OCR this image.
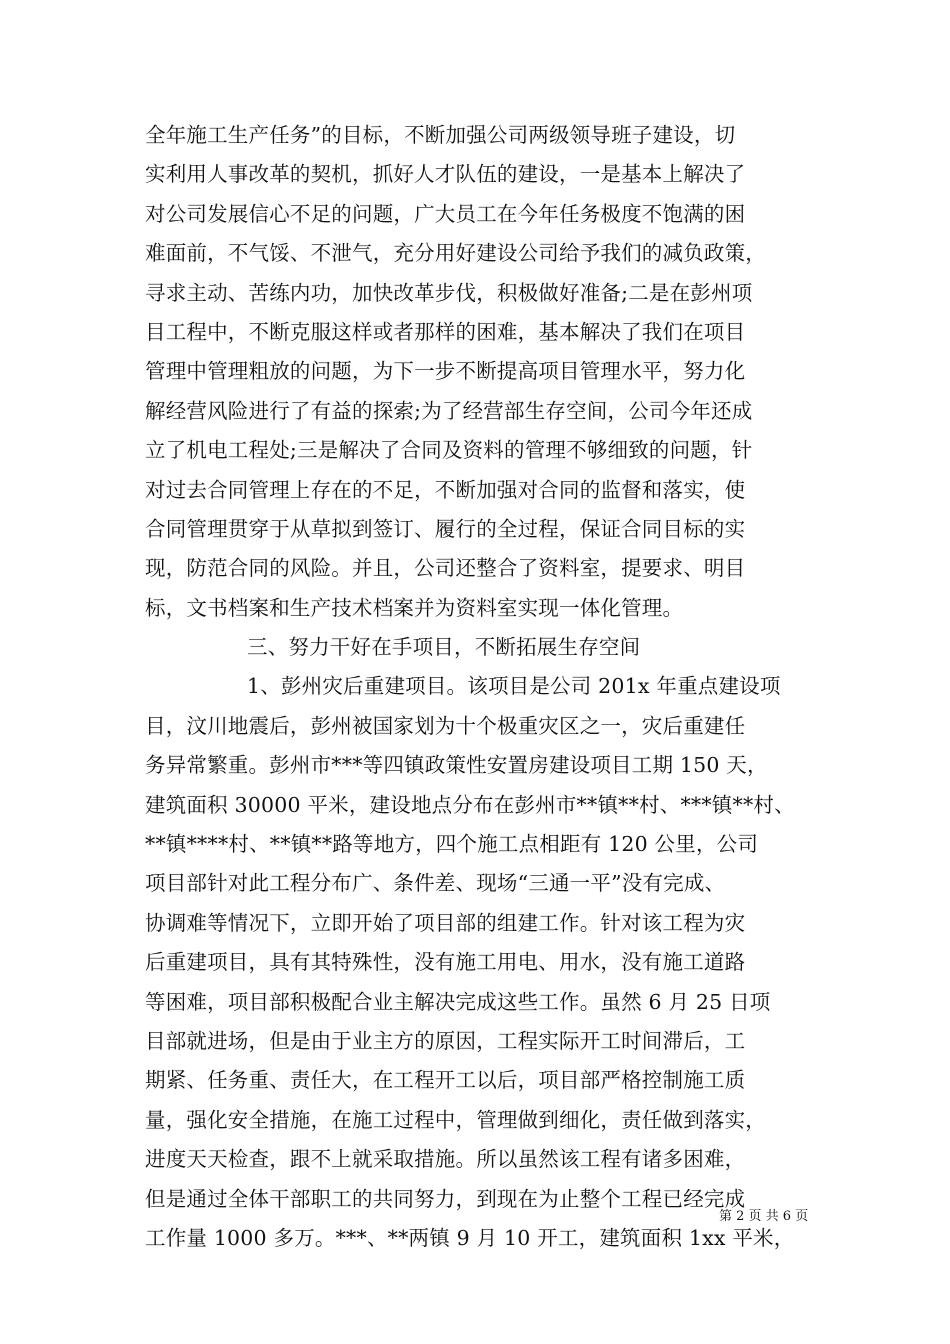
全年施工生产任务”的目标，不断加强公司两级领导班子建设，切
实利用人事改革的契机，抓好人才队伍的建设，一是基本上解决了
对公司发展信心不足的问题，广大员工在今年任务极度不饱满的困
难面前，不气馁、不泄气，充分用好建设公司给予我们的减负政策，
寻求主动、苦练内功，加快改革步伐，积极做好准备;二是在彭州项
目工程中，不断克服这样或者那样的困难，基本解决了我们在项目
管理中管理粗放的问题，为下一步不断提高项目管理水平，努力化
解经营风险进行了有益的探索;为了经营部生存空间，公司今年还成
立了机电工程处;三是解决了合同及资料的管理不够细致的问题，针
对过去合同管理上存在的不足，不断加强对合同的监督和落实，使
合同管理贯穿于从草拟到签订、履行的全过程，保证合同目标的实
现，防范合同的风险。并且，公司还整合了资料室，提要求、明目
标，文书档案和生产技术档案并为资料室实现一体化管理。
三、努力干好在手项目，不断拓展生存空间
1、彭州灾后重建项目。该项目是公司 201x 年重点建设项
目，汶川地震后，彭州被国家划为十个极重灾区之一，灾后重建任
务异常繁重。彭州市***等四镇政策性安置房建设项目工期 150 天，
建筑面积 30000 平米，建设地点分布在彭州市**镇**村、***镇**村、
**镇****村、**镇**路等地方，四个施工点相距有 120 公里，公司
项目部针对此工程分布广、条件差、现场“三通一平”没有完成、
协调难等情况下，立即开始了项目部的组建工作。针对该工程为灾
后重建项目，具有其特殊性，没有施工用电、用水，没有施工道路
等困难，项目部积极配合业主解决完成这些工作。虽然 6 月 25 日项
目部就进场，但是由于业主方的原因，工程实际开工时间滞后，工
期紧、任务重、责任大，在工程开工以后，项目部严格控制施工质
量，强化安全措施，在施工过程中，管理做到细化，责任做到落实，
进度天天检查，跟不上就采取措施。所以虽然该工程有诸多困难，
但是通过全体干部职工的共同努力，到现在为止整个工程已经完成
工作量 1000 多万。***、**两镇 9 月 10 开工，建筑面积 1xx 平米，
第 2 页 共 6 页
